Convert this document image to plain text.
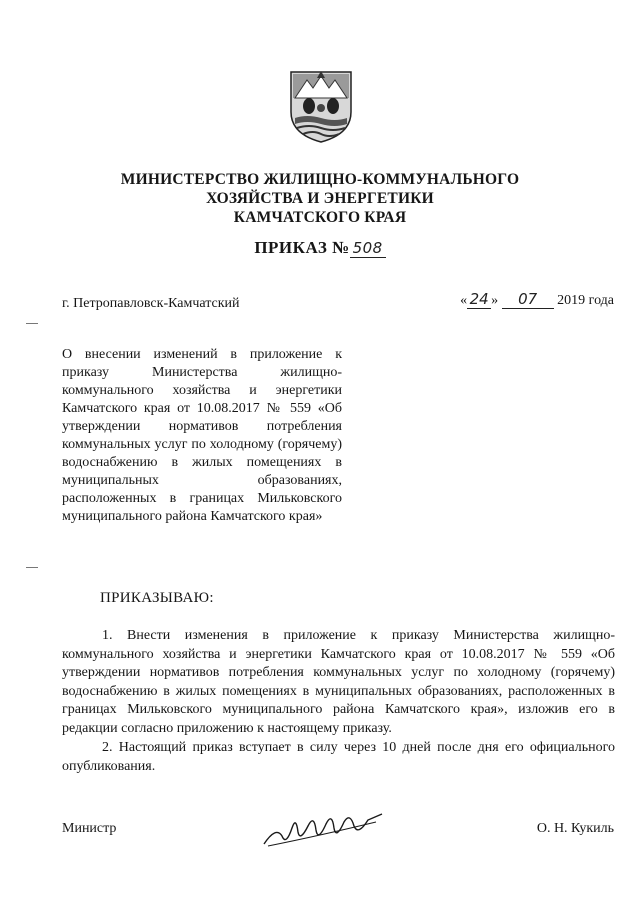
МИНИСТЕРСТВО ЖИЛИЩНО-КОММУНАЛЬНОГО
ХОЗЯЙСТВА И ЭНЕРГЕТИКИ
КАМЧАТСКОГО КРАЯ
ПРИКАЗ № 508
г. Петропавловск-Камчатский	« 24 » 07 2019 года

О внесении изменений в приложение к приказу Министерства жилищно-коммунального хозяйства и энергетики Камчатского края от 10.08.2017 № 559 «Об утверждении нормативов потребления коммунальных услуг по холодному (горячему) водоснабжению в жилых помещениях в муниципальных образованиях, расположенных в границах Мильковского муниципального района Камчатского края»

ПРИКАЗЫВАЮ:

1. Внести изменения в приложение к приказу Министерства жилищно-коммунального хозяйства и энергетики Камчатского края от 10.08.2017 № 559 «Об утверждении нормативов потребления коммунальных услуг по холодному (горячему) водоснабжению в жилых помещениях в муниципальных образованиях, расположенных в границах Мильковского муниципального района Камчатского края», изложив его в редакции согласно приложению к настоящему приказу.

2. Настоящий приказ вступает в силу через 10 дней после дня его официального опубликования.

Министр	О. Н. Кукиль
